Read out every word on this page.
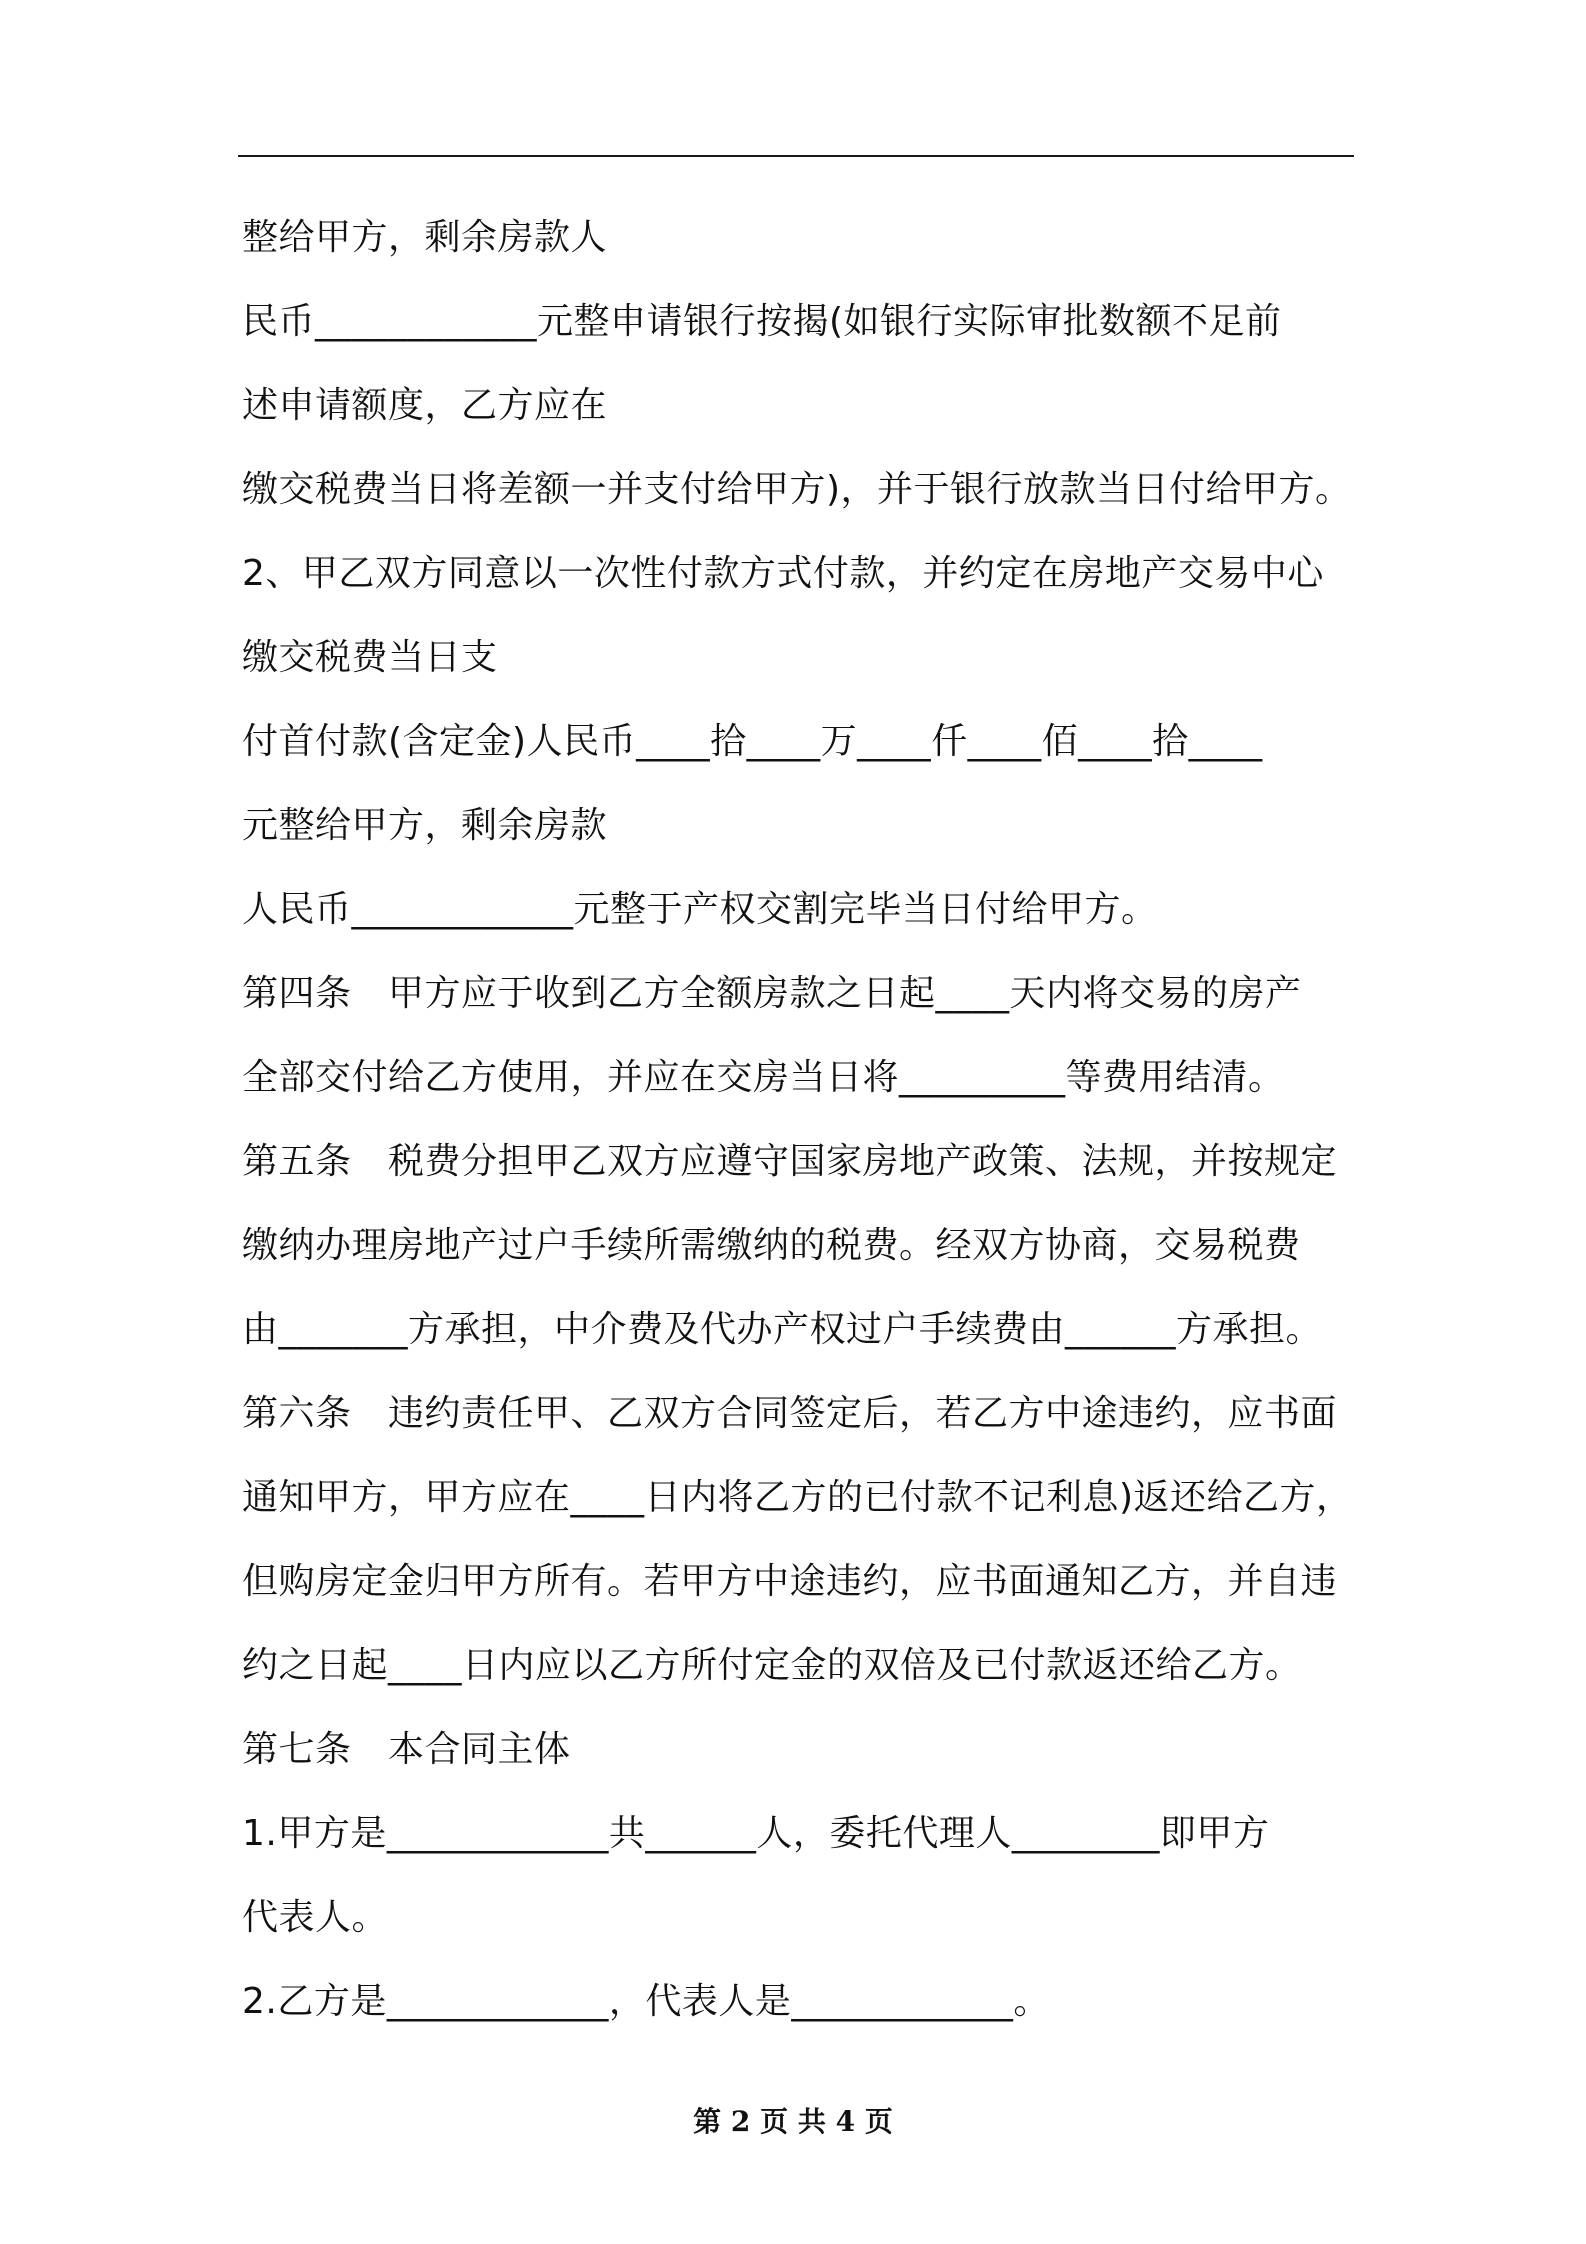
整给甲方，剩余房款人
民币____________元整申请银行按揭(如银行实际审批数额不足前
述申请额度，乙方应在
缴交税费当日将差额一并支付给甲方)，并于银行放款当日付给甲方。
2、甲乙双方同意以一次性付款方式付款，并约定在房地产交易中心
缴交税费当日支
付首付款(含定金)人民币____拾____万____仟____佰____拾____
元整给甲方，剩余房款
人民币____________元整于产权交割完毕当日付给甲方。
第四条　甲方应于收到乙方全额房款之日起____天内将交易的房产
全部交付给乙方使用，并应在交房当日将_________等费用结清。
第五条　税费分担甲乙双方应遵守国家房地产政策、法规，并按规定
缴纳办理房地产过户手续所需缴纳的税费。经双方协商，交易税费
由_______方承担，中介费及代办产权过户手续费由______方承担。
第六条　违约责任甲、乙双方合同签定后，若乙方中途违约，应书面
通知甲方，甲方应在____日内将乙方的已付款不记利息)返还给乙方，
但购房定金归甲方所有。若甲方中途违约，应书面通知乙方，并自违
约之日起____日内应以乙方所付定金的双倍及已付款返还给乙方。
第七条　本合同主体
1.甲方是____________共______人，委托代理人________即甲方
代表人。
2.乙方是____________，代表人是____________。
第 2 页 共 4 页
